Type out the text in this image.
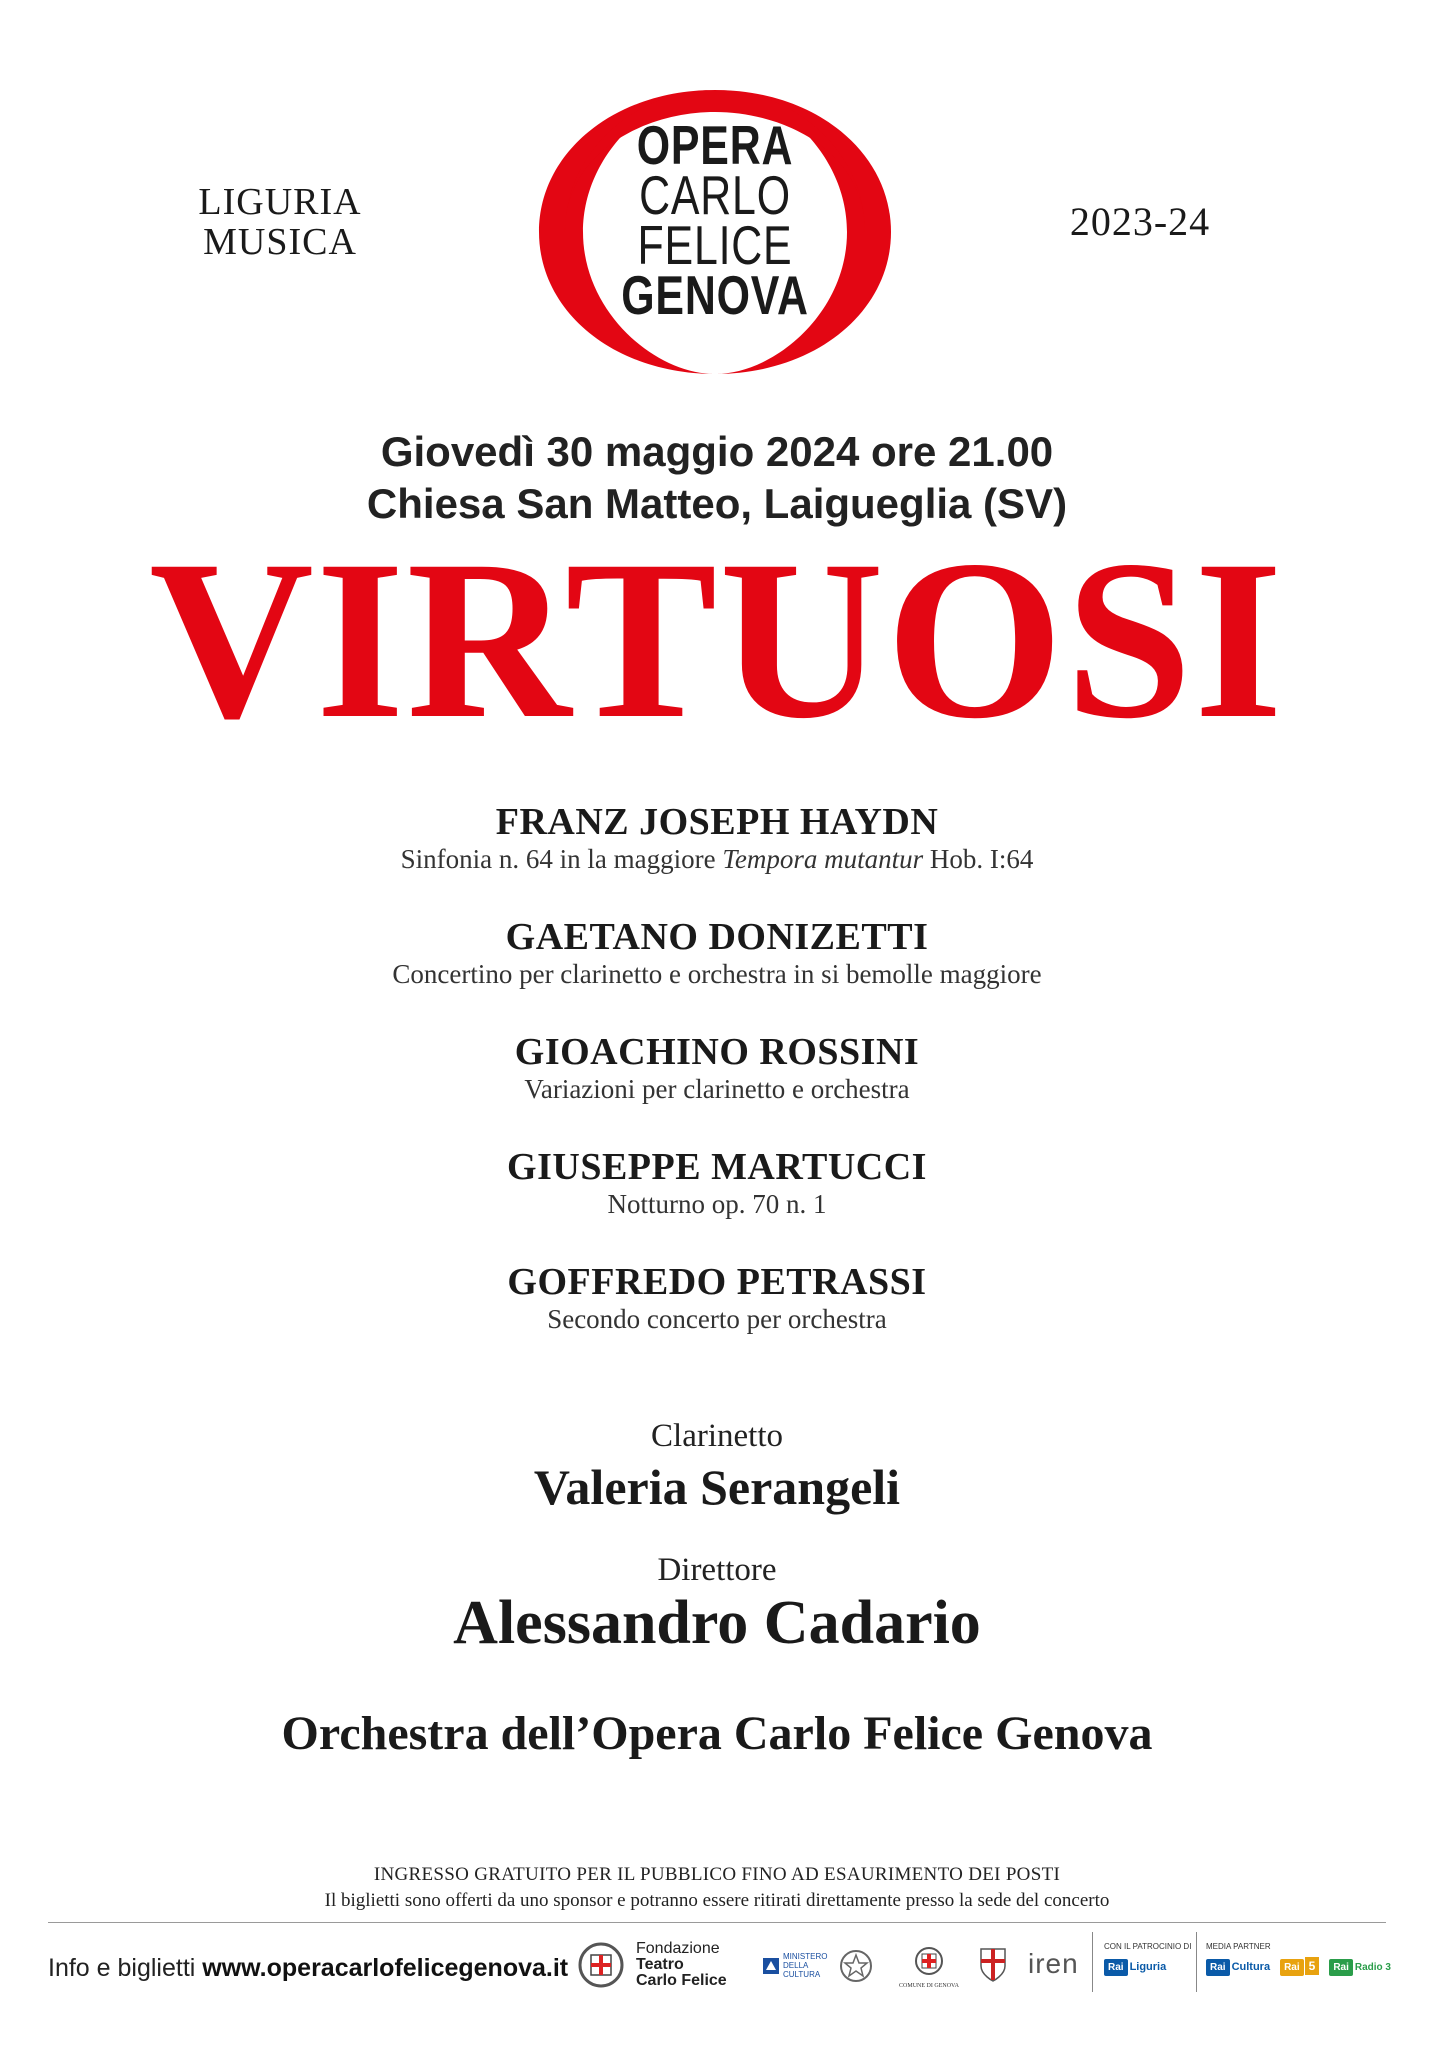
LIGURIA
MUSICA	2023-24
OPERA
CARLO
FELICE
GENOVA
Giovedì 30 maggio 2024 ore 21.00
Chiesa San Matteo, Laigueglia (SV)
VIRTUOSI
FRANZ JOSEPH HAYDN
Sinfonia n. 64 in la maggiore Tempora mutantur Hob. I:64
GAETANO DONIZETTI
Concertino per clarinetto e orchestra in si bemolle maggiore
GIOACHINO ROSSINI
Variazioni per clarinetto e orchestra
GIUSEPPE MARTUCCI
Notturno op. 70 n. 1
GOFFREDO PETRASSI
Secondo concerto per orchestra
Clarinetto
Valeria Serangeli
Direttore
Alessandro Cadario
Orchestra dell’Opera Carlo Felice Genova
INGRESSO GRATUITO PER IL PUBBLICO FINO AD ESAURIMENTO DEI POSTI
Il biglietti sono offerti da uno sponsor e potranno essere ritirati direttamente presso la sede del concerto
Info e biglietti www.operacarlofelicegenova.it
Fondazione
Teatro
Carlo Felice
MINISTERO DELLA CULTURA
COMUNE DI GENOVA
iren
CON IL PATROCINIO DI
Rai Liguria
MEDIA PARTNER
Rai Cultura Rai 5 Rai Radio 3
